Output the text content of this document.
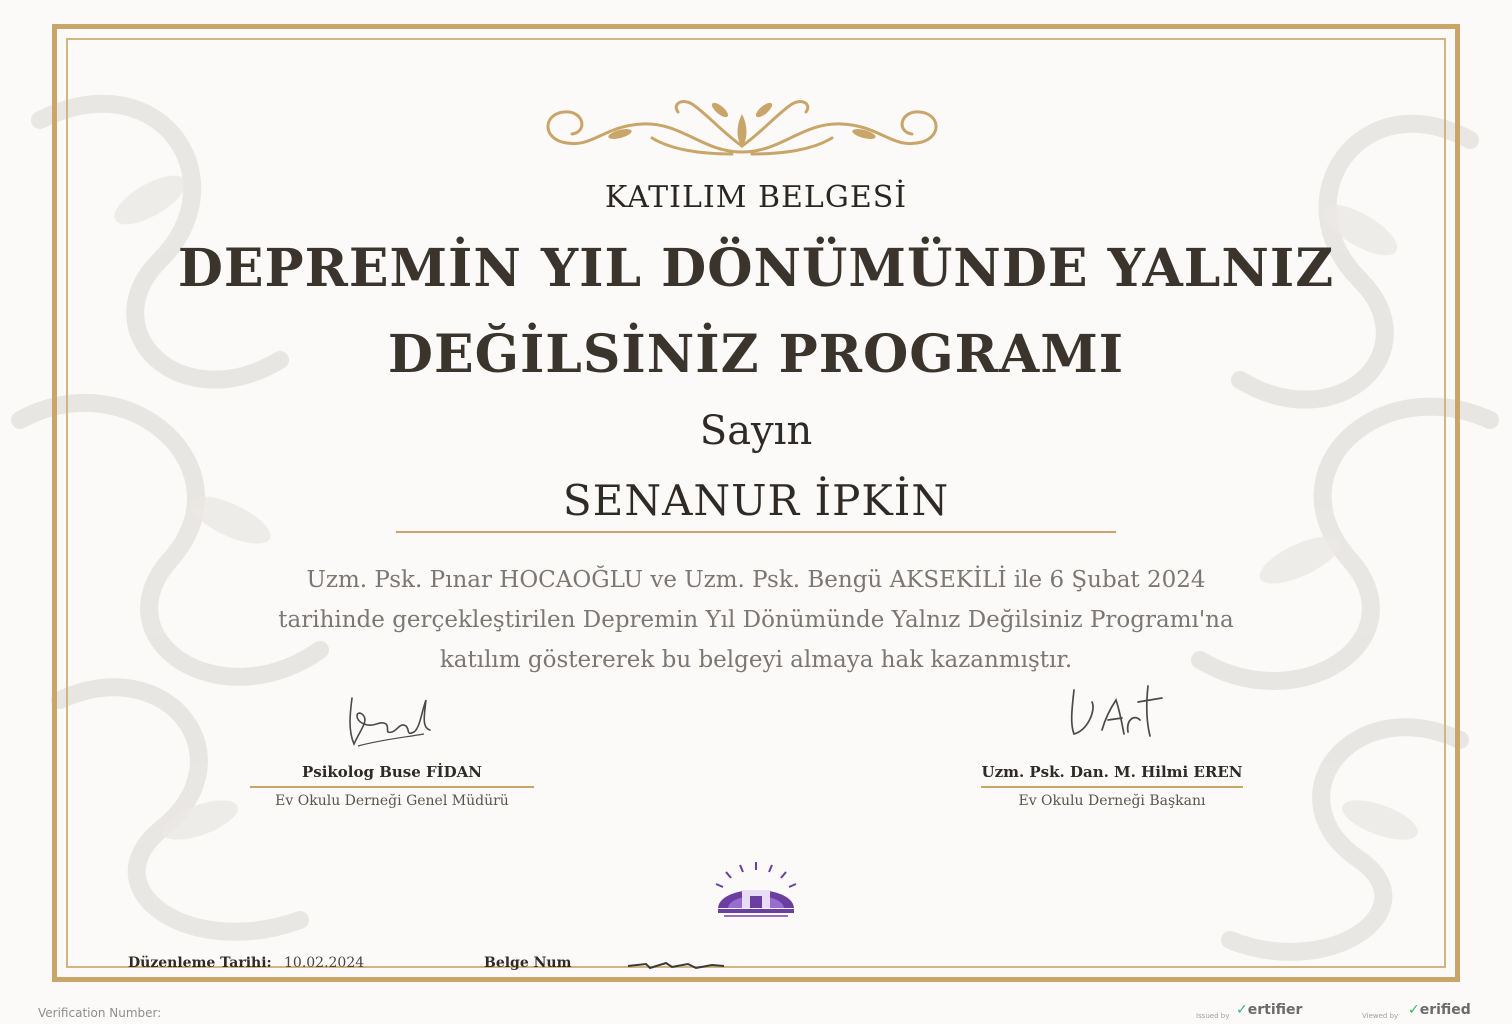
KATILIM BELGESİ
DEPREMİN YIL DÖNÜMÜNDE YALNIZ
DEĞİLSİNİZ PROGRAMI
Sayın
SENANUR İPKİN
Uzm. Psk. Pınar HOCAOĞLU ve Uzm. Psk. Bengü AKSEKİLİ ile 6 Şubat 2024
tarihinde gerçekleştirilen Depremin Yıl Dönümünde Yalnız Değilsiniz Programı'na
katılım göstererek bu belgeyi almaya hak kazanmıştır.
Psikolog Buse FİDAN
Ev Okulu Derneği Genel Müdürü
Uzm. Psk. Dan. M. Hilmi EREN
Ev Okulu Derneği Başkanı
Düzenleme Tarihi: 10.02.2024	Belge Num
Verification Number:	Issued by ✓ertifier	Viewed by ✓erified
